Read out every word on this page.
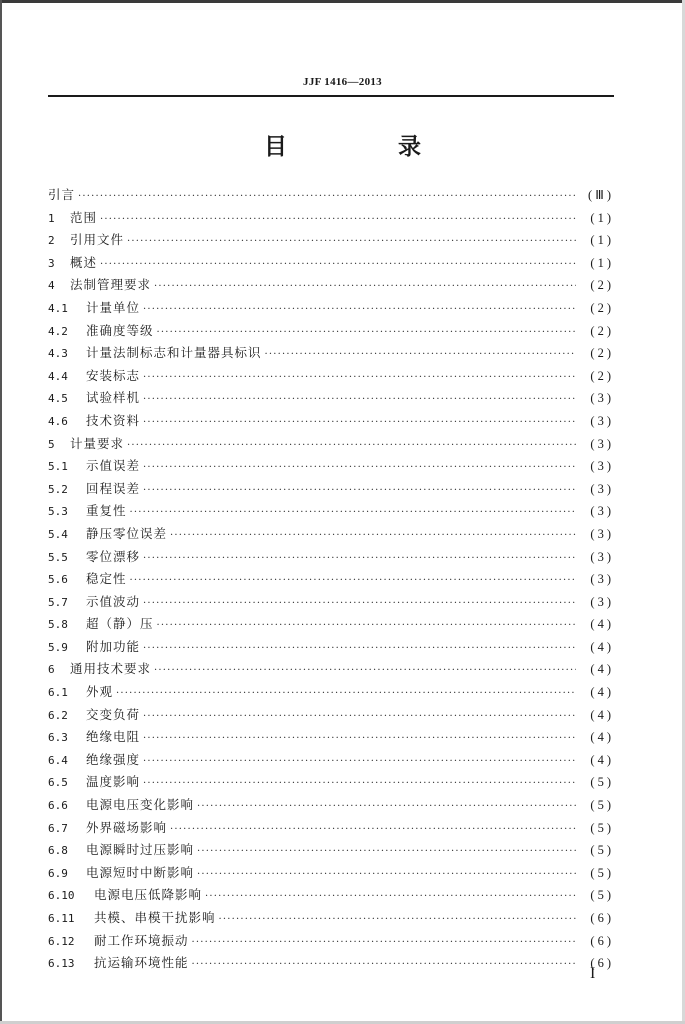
JJF 1416—2013
目　录
引言 ·····	(Ⅲ)
1	范围 ·····	(1)
2	引用文件 ·····	(1)
3	概述 ·····	(1)
4	法制管理要求 ·····	(2)
4.1	计量单位 ·····	(2)
4.2	准确度等级 ·····	(2)
4.3	计量法制标志和计量器具标识 ·····	(2)
4.4	安装标志 ·····	(2)
4.5	试验样机 ·····	(3)
4.6	技术资料 ·····	(3)
5	计量要求 ·····	(3)
5.1	示值误差 ·····	(3)
5.2	回程误差 ·····	(3)
5.3	重复性 ·····	(3)
5.4	静压零位误差 ·····	(3)
5.5	零位漂移 ·····	(3)
5.6	稳定性 ·····	(3)
5.7	示值波动 ·····	(3)
5.8	超（静）压 ·····	(4)
5.9	附加功能 ·····	(4)
6	通用技术要求 ·····	(4)
6.1	外观 ·····	(4)
6.2	交变负荷 ·····	(4)
6.3	绝缘电阻 ·····	(4)
6.4	绝缘强度 ·····	(4)
6.5	温度影响 ·····	(5)
6.6	电源电压变化影响 ·····	(5)
6.7	外界磁场影响 ·····	(5)
6.8	电源瞬时过压影响 ·····	(5)
6.9	电源短时中断影响 ·····	(5)
6.10	电源电压低降影响 ·····	(5)
6.11	共模、串模干扰影响 ·····	(6)
6.12	耐工作环境振动 ·····	(6)
6.13	抗运输环境性能 ·····	(6)
I
